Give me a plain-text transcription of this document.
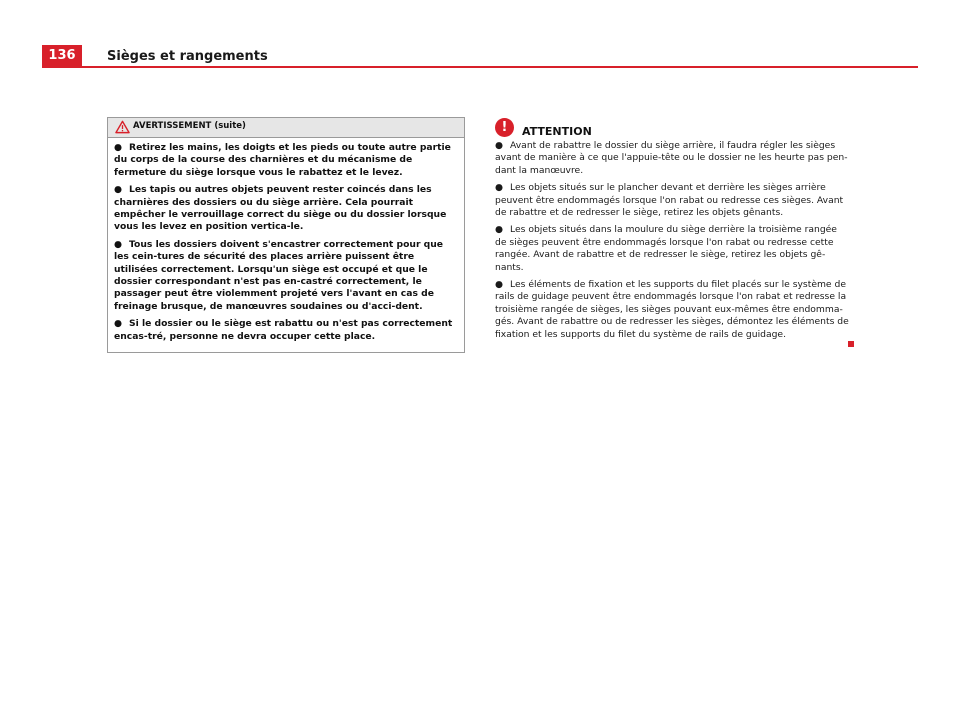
136	Sièges et rangements
AVERTISSEMENT (suite)

● Retirez les mains, les doigts et les pieds ou toute autre partie du corps de la course des charnières et du mécanisme de fermeture du siège lorsque vous le rabattez et le levez.

● Les tapis ou autres objets peuvent rester coincés dans les charnières des dossiers ou du siège arrière. Cela pourrait empêcher le verrouillage correct du siège ou du dossier lorsque vous les levez en position vertica-le.

● Tous les dossiers doivent s'encastrer correctement pour que les cein-tures de sécurité des places arrière puissent être utilisées correctement. Lorsqu'un siège est occupé et que le dossier correspondant n'est pas en-castré correctement, le passager peut être violemment projeté vers l'avant en cas de freinage brusque, de manœuvres soudaines ou d'acci-dent.

● Si le dossier ou le siège est rabattu ou n'est pas correctement encas-tré, personne ne devra occuper cette place.

!	ATTENTION

● Avant de rabattre le dossier du siège arrière, il faudra régler les sièges avant de manière à ce que l'appuie-tête ou le dossier ne les heurte pas pen-dant la manœuvre.

● Les objets situés sur le plancher devant et derrière les sièges arrière peuvent être endommagés lorsque l'on rabat ou redresse ces sièges. Avant de rabattre et de redresser le siège, retirez les objets gênants.

● Les objets situés dans la moulure du siège derrière la troisième rangée de sièges peuvent être endommagés lorsque l'on rabat ou redresse cette rangée. Avant de rabattre et de redresser le siège, retirez les objets gê-nants.

● Les éléments de fixation et les supports du filet placés sur le système de rails de guidage peuvent être endommagés lorsque l'on rabat et redresse la troisième rangée de sièges, les sièges pouvant eux-mêmes être endomma-gés. Avant de rabattre ou de redresser les sièges, démontez les éléments de fixation et les supports du filet du système de rails de guidage.
